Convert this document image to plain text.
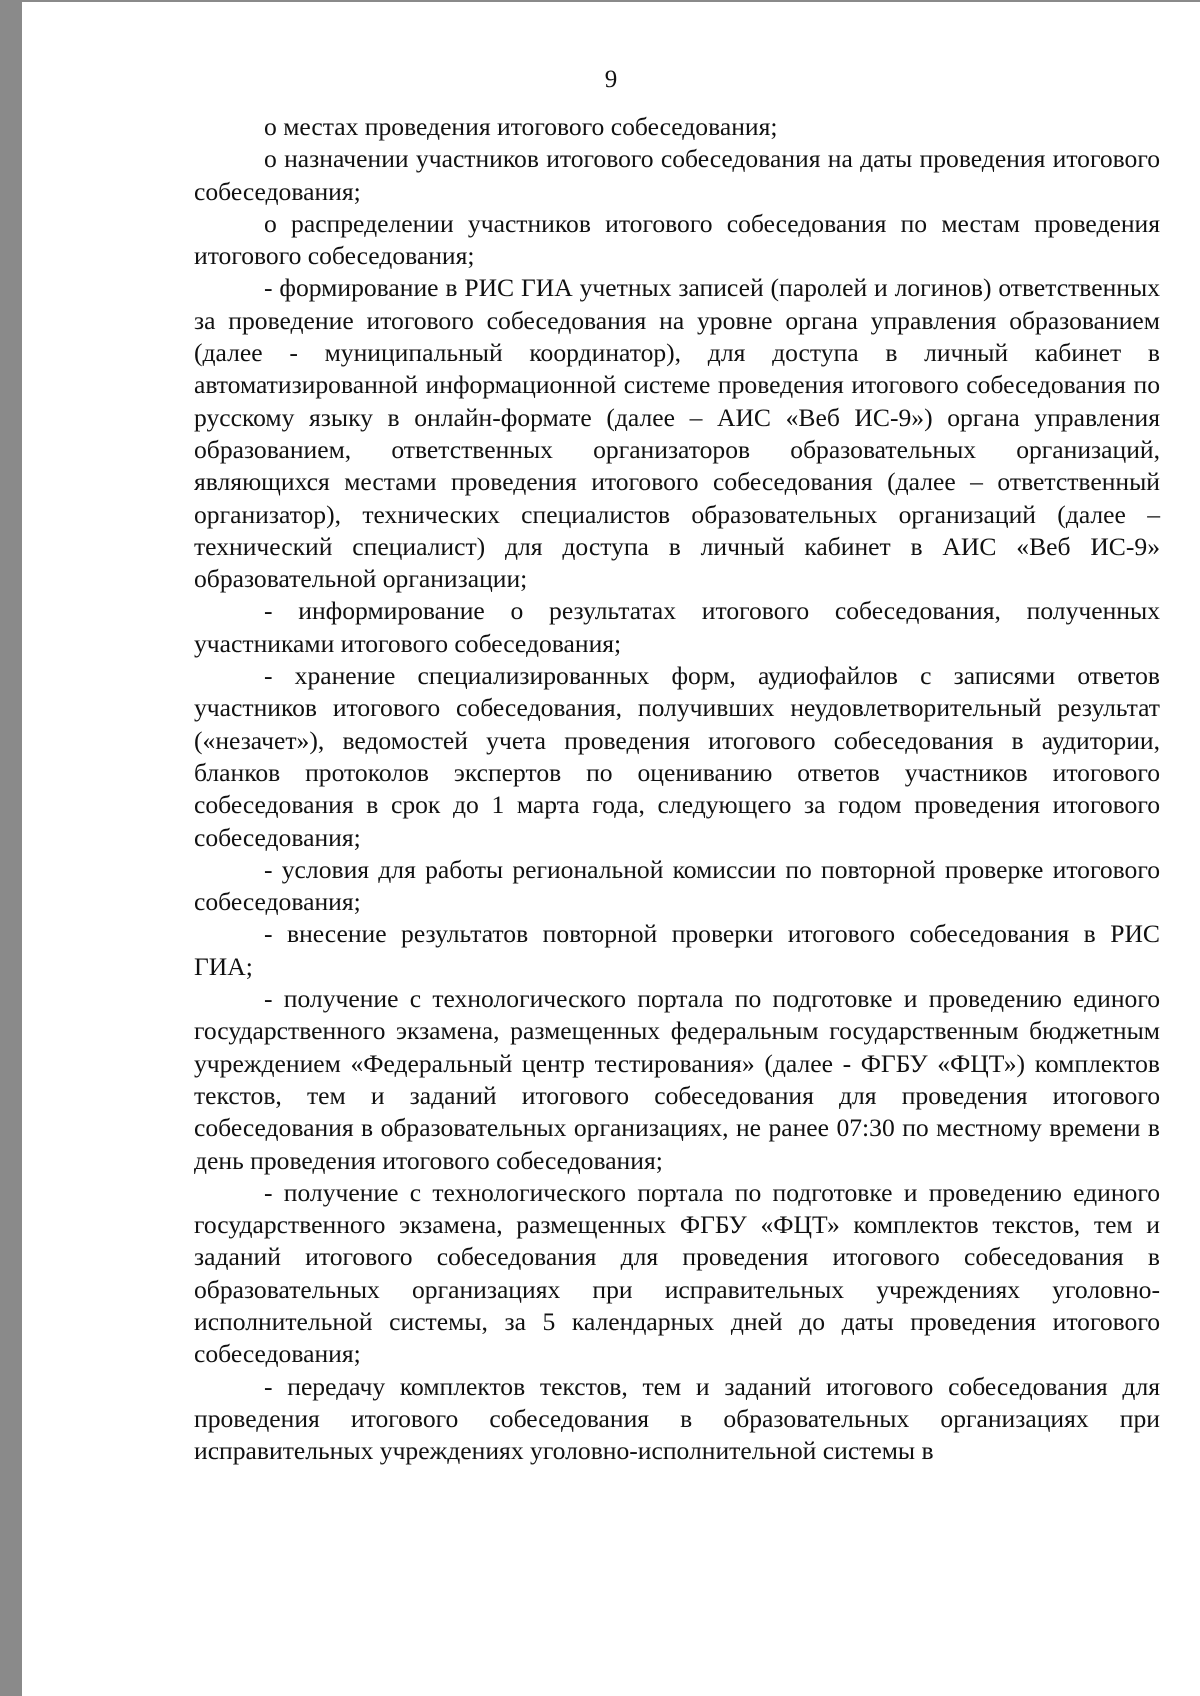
9

о местах проведения итогового собеседования;

о назначении участников итогового собеседования на даты проведения итогового собеседования;

о распределении участников итогового собеседования по местам проведения итогового собеседования;

- формирование в РИС ГИА учетных записей (паролей и логинов) ответственных за проведение итогового собеседования на уровне органа управления образованием (далее - муниципальный координатор), для доступа в личный кабинет в автоматизированной информационной системе проведения итогового собеседования по русскому языку в онлайн-формате (далее – АИС «Веб ИС-9») органа управления образованием, ответственных организаторов образовательных организаций, являющихся местами проведения итогового собеседования (далее – ответственный организатор), технических специалистов образовательных организаций (далее – технический специалист) для доступа в личный кабинет в АИС «Веб ИС-9» образовательной организации;

- информирование о результатах итогового собеседования, полученных участниками итогового собеседования;

- хранение специализированных форм, аудиофайлов с записями ответов участников итогового собеседования, получивших неудовлетворительный результат («незачет»), ведомостей учета проведения итогового собеседования в аудитории, бланков протоколов экспертов по оцениванию ответов участников итогового собеседования в срок до 1 марта года, следующего за годом проведения итогового собеседования;

- условия для работы региональной комиссии по повторной проверке итогового собеседования;

- внесение результатов повторной проверки итогового собеседования в РИС ГИА;

- получение с технологического портала по подготовке и проведению единого государственного экзамена, размещенных федеральным государственным бюджетным учреждением «Федеральный центр тестирования» (далее - ФГБУ «ФЦТ») комплектов текстов, тем и заданий итогового собеседования для проведения итогового собеседования в образовательных организациях, не ранее 07:30 по местному времени в день проведения итогового собеседования;

- получение с технологического портала по подготовке и проведению единого государственного экзамена, размещенных ФГБУ «ФЦТ» комплектов текстов, тем и заданий итогового собеседования для проведения итогового собеседования в образовательных организациях при исправительных учреждениях уголовно-исполнительной системы, за 5 календарных дней до даты проведения итогового собеседования;

- передачу комплектов текстов, тем и заданий итогового собеседования для проведения итогового собеседования в образовательных организациях при исправительных учреждениях уголовно-исполнительной системы в
